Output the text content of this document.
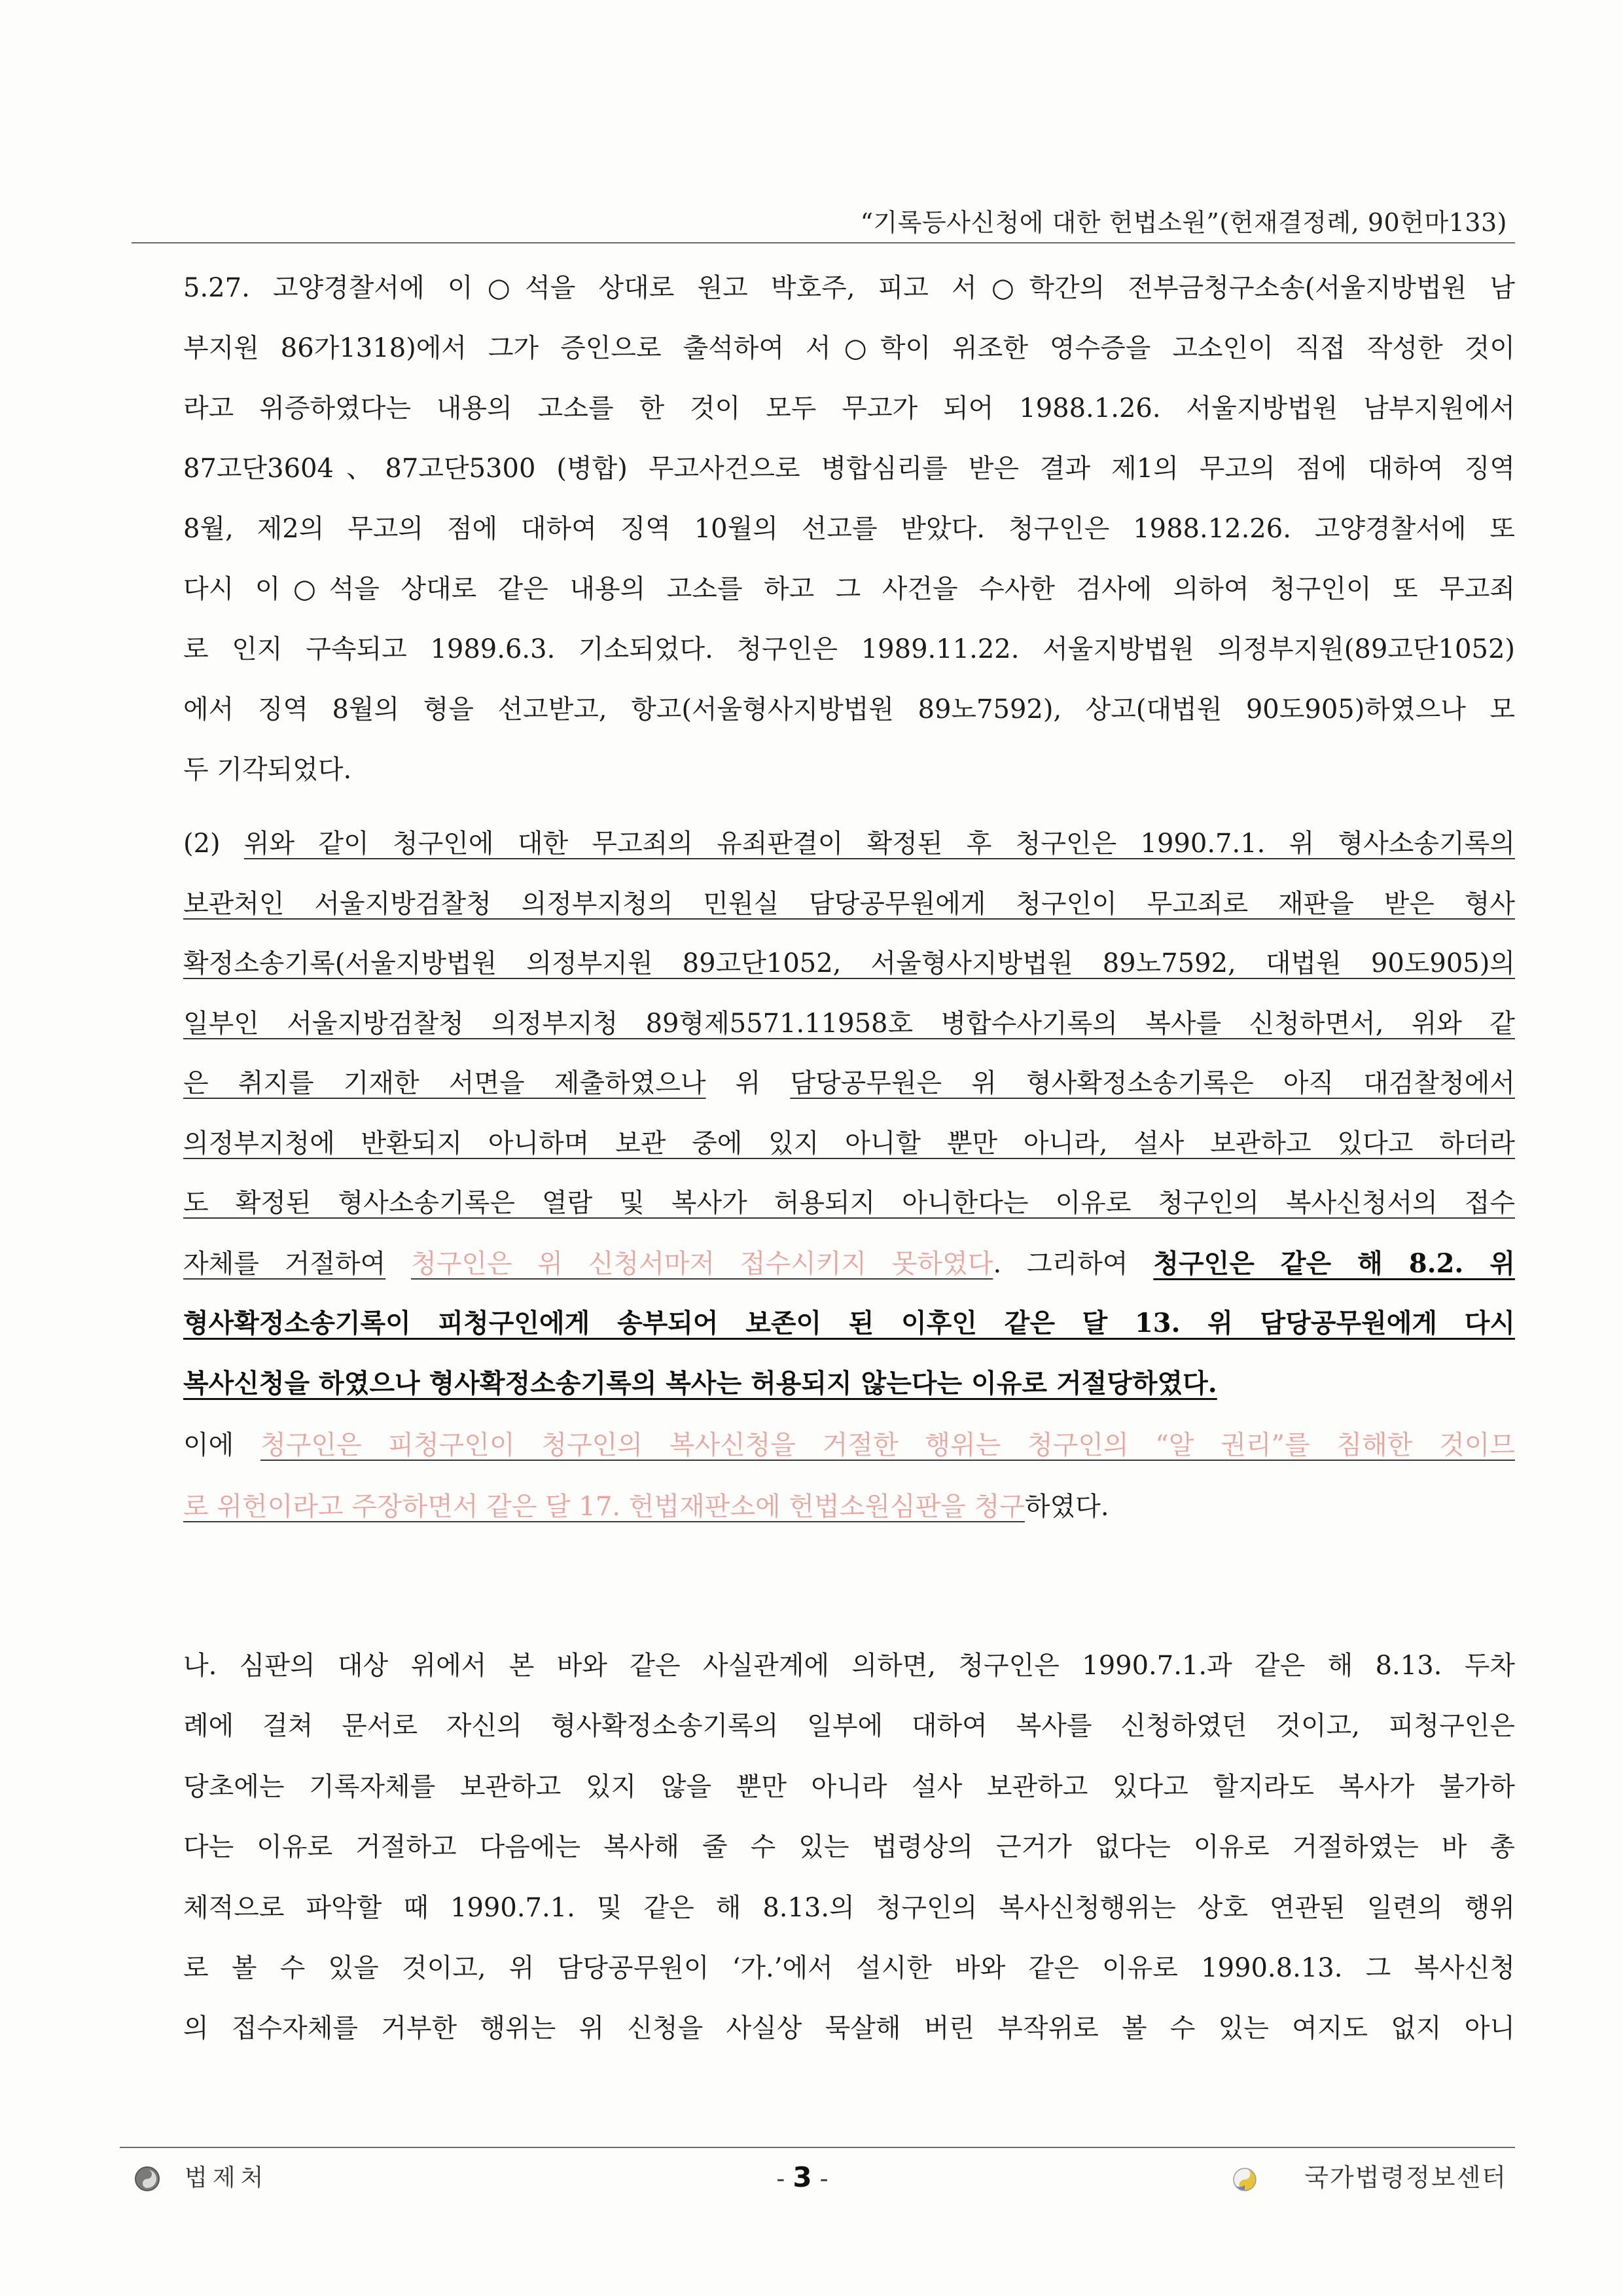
“기록등사신청에 대한 헌법소원”(헌재결정례, 90헌마133)
5.27. 고양경찰서에 이○석을 상대로 원고 박호주, 피고 서○학간의 전부금청구소송(서울지방법원 남
부지원 86가1318)에서 그가 증인으로 출석하여 서○학이 위조한 영수증을 고소인이 직접 작성한 것이
라고 위증하였다는 내용의 고소를 한 것이 모두 무고가 되어 1988.1.26. 서울지방법원 남부지원에서
87고단3604、87고단5300 (병합) 무고사건으로 병합심리를 받은 결과 제1의 무고의 점에 대하여 징역
8월, 제2의 무고의 점에 대하여 징역 10월의 선고를 받았다. 청구인은 1988.12.26. 고양경찰서에 또
다시 이○석을 상대로 같은 내용의 고소를 하고 그 사건을 수사한 검사에 의하여 청구인이 또 무고죄
로 인지 구속되고 1989.6.3. 기소되었다. 청구인은 1989.11.22. 서울지방법원 의정부지원(89고단1052)
에서 징역 8월의 형을 선고받고, 항고(서울형사지방법원 89노7592), 상고(대법원 90도905)하였으나 모
두 기각되었다.
(2) 위와 같이 청구인에 대한 무고죄의 유죄판결이 확정된 후 청구인은 1990.7.1. 위 형사소송기록의
보관처인 서울지방검찰청 의정부지청의 민원실 담당공무원에게 청구인이 무고죄로 재판을 받은 형사
확정소송기록(서울지방법원 의정부지원 89고단1052, 서울형사지방법원 89노7592, 대법원 90도905)의
일부인 서울지방검찰청 의정부지청 89형제5571.11958호 병합수사기록의 복사를 신청하면서, 위와 같
은 취지를 기재한 서면을 제출하였으나 위 담당공무원은 위 형사확정소송기록은 아직 대검찰청에서
의정부지청에 반환되지 아니하며 보관 중에 있지 아니할 뿐만 아니라, 설사 보관하고 있다고 하더라
도 확정된 형사소송기록은 열람 및 복사가 허용되지 아니한다는 이유로 청구인의 복사신청서의 접수
자체를 거절하여 청구인은 위 신청서마저 접수시키지 못하였다. 그리하여 청구인은 같은 해 8.2. 위
형사확정소송기록이 피청구인에게 송부되어 보존이 된 이후인 같은 달 13. 위 담당공무원에게 다시
복사신청을 하였으나 형사확정소송기록의 복사는 허용되지 않는다는 이유로 거절당하였다.
이에 청구인은 피청구인이 청구인의 복사신청을 거절한 행위는 청구인의 “알 권리”를 침해한 것이므
로 위헌이라고 주장하면서 같은 달 17. 헌법재판소에 헌법소원심판을 청구하였다.
나. 심판의 대상 위에서 본 바와 같은 사실관계에 의하면, 청구인은 1990.7.1.과 같은 해 8.13. 두차
례에 걸쳐 문서로 자신의 형사확정소송기록의 일부에 대하여 복사를 신청하였던 것이고, 피청구인은
당초에는 기록자체를 보관하고 있지 않을 뿐만 아니라 설사 보관하고 있다고 할지라도 복사가 불가하
다는 이유로 거절하고 다음에는 복사해 줄 수 있는 법령상의 근거가 없다는 이유로 거절하였는 바 총
체적으로 파악할 때 1990.7.1. 및 같은 해 8.13.의 청구인의 복사신청행위는 상호 연관된 일련의 행위
로 볼 수 있을 것이고, 위 담당공무원이 ‘가.’에서 설시한 바와 같은 이유로 1990.8.13. 그 복사신청
의 접수자체를 거부한 행위는 위 신청을 사실상 묵살해 버린 부작위로 볼 수 있는 여지도 없지 아니
법제처	- 3 -	국가법령정보센터
